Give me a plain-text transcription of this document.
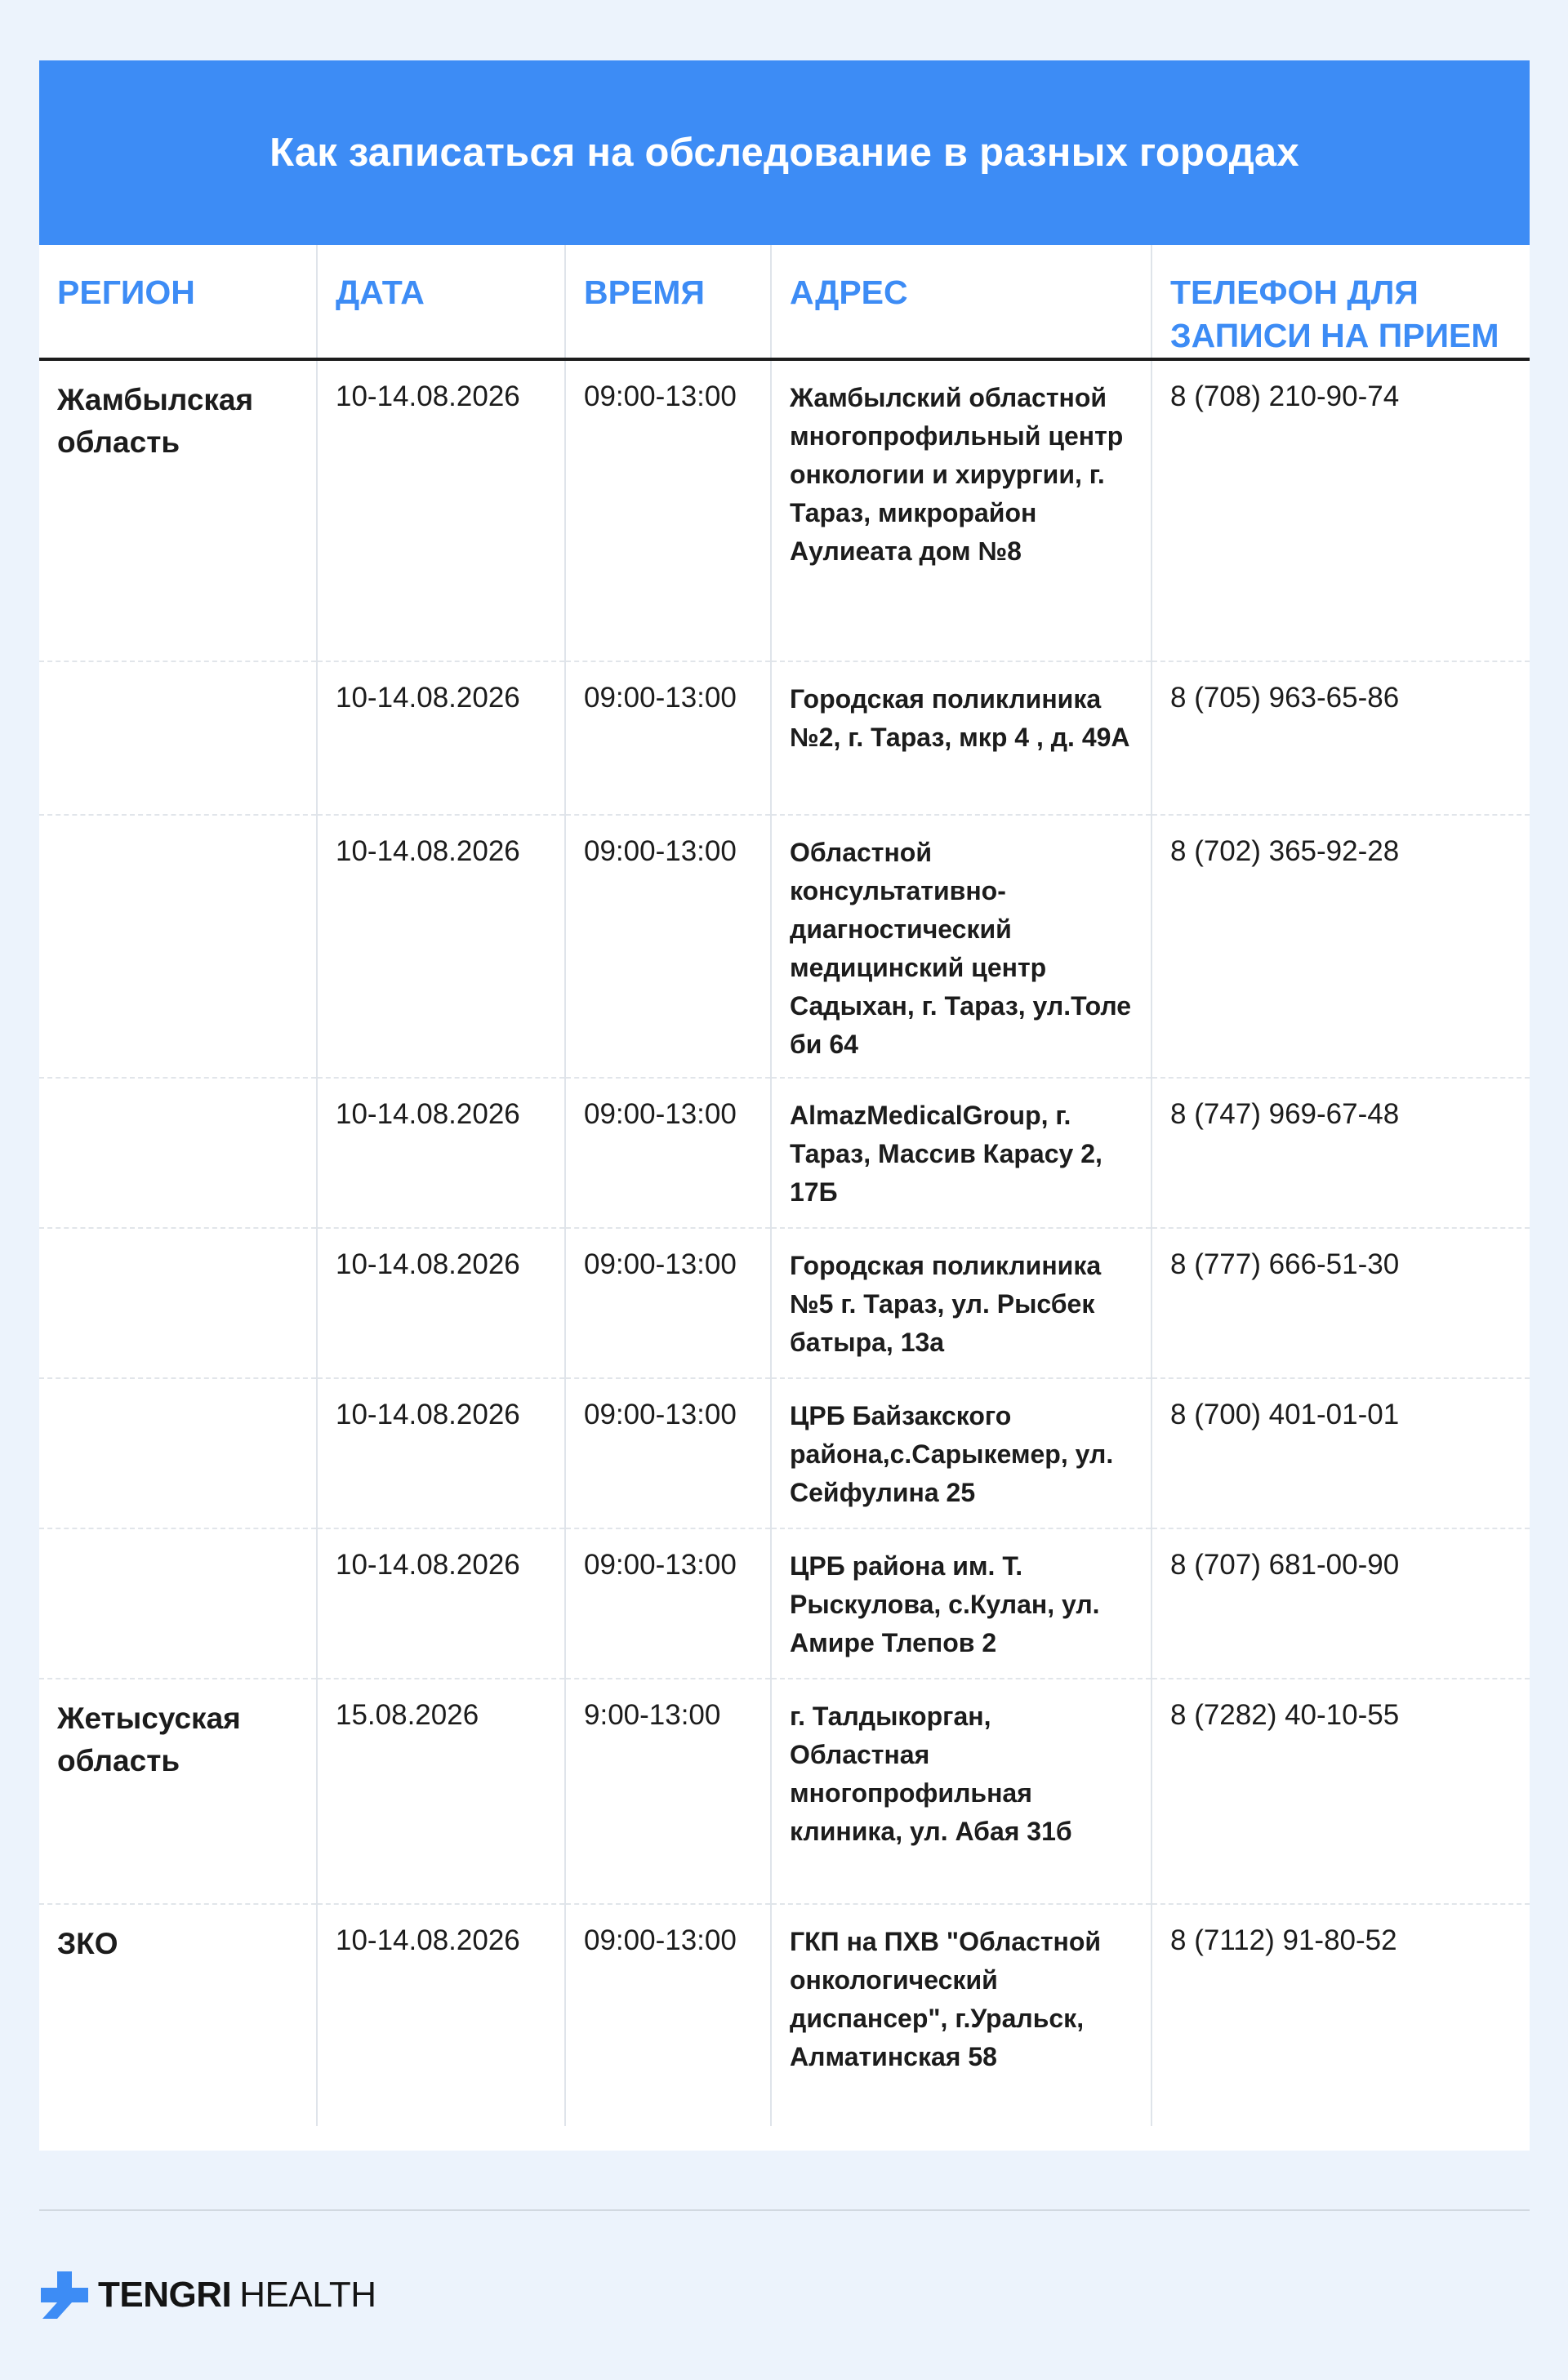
Как записаться на обследование в разных городах
РЕГИОН	ДАТА	ВРЕМЯ	АДРЕС	ТЕЛЕФОН ДЛЯ ЗАПИСИ НА ПРИЕМ
Жамбылская область	10-14.08.2026	09:00-13:00	Жамбылский областной многопрофильный центр онкологии и хирургии, г. Тараз, микрорайон Аулиеата дом №8	8 (708) 210-90-74
	10-14.08.2026	09:00-13:00	Городская поликлиника №2, г. Тараз, мкр 4 , д. 49А	8 (705) 963-65-86
	10-14.08.2026	09:00-13:00	Областной консультативно-диагностический медицинский центр Садыхан, г. Тараз, ул.Толе би 64	8 (702) 365-92-28
	10-14.08.2026	09:00-13:00	AlmazMedicalGroup, г. Тараз, Массив Карасу 2, 17Б	8 (747) 969-67-48
	10-14.08.2026	09:00-13:00	Городская поликлиника №5 г. Тараз, ул. Рысбек батыра, 13а	8 (777) 666-51-30
	10-14.08.2026	09:00-13:00	ЦРБ Байзакского района,с.Сарыкемер, ул. Сейфулина 25	8 (700) 401-01-01
	10-14.08.2026	09:00-13:00	ЦРБ района им. Т. Рыскулова, с.Кулан, ул. Амире Тлепов 2	8 (707) 681-00-90
Жетысуская область	15.08.2026	9:00-13:00	г. Талдыкорган, Областная многопрофильная клиника, ул. Абая 31б	8 (7282) 40-10-55
ЗКО	10-14.08.2026	09:00-13:00	ГКП на ПХВ "Областной онкологический диспансер", г.Уральск, Алматинская 58	8 (7112) 91-80-52
TENGRI HEALTH
